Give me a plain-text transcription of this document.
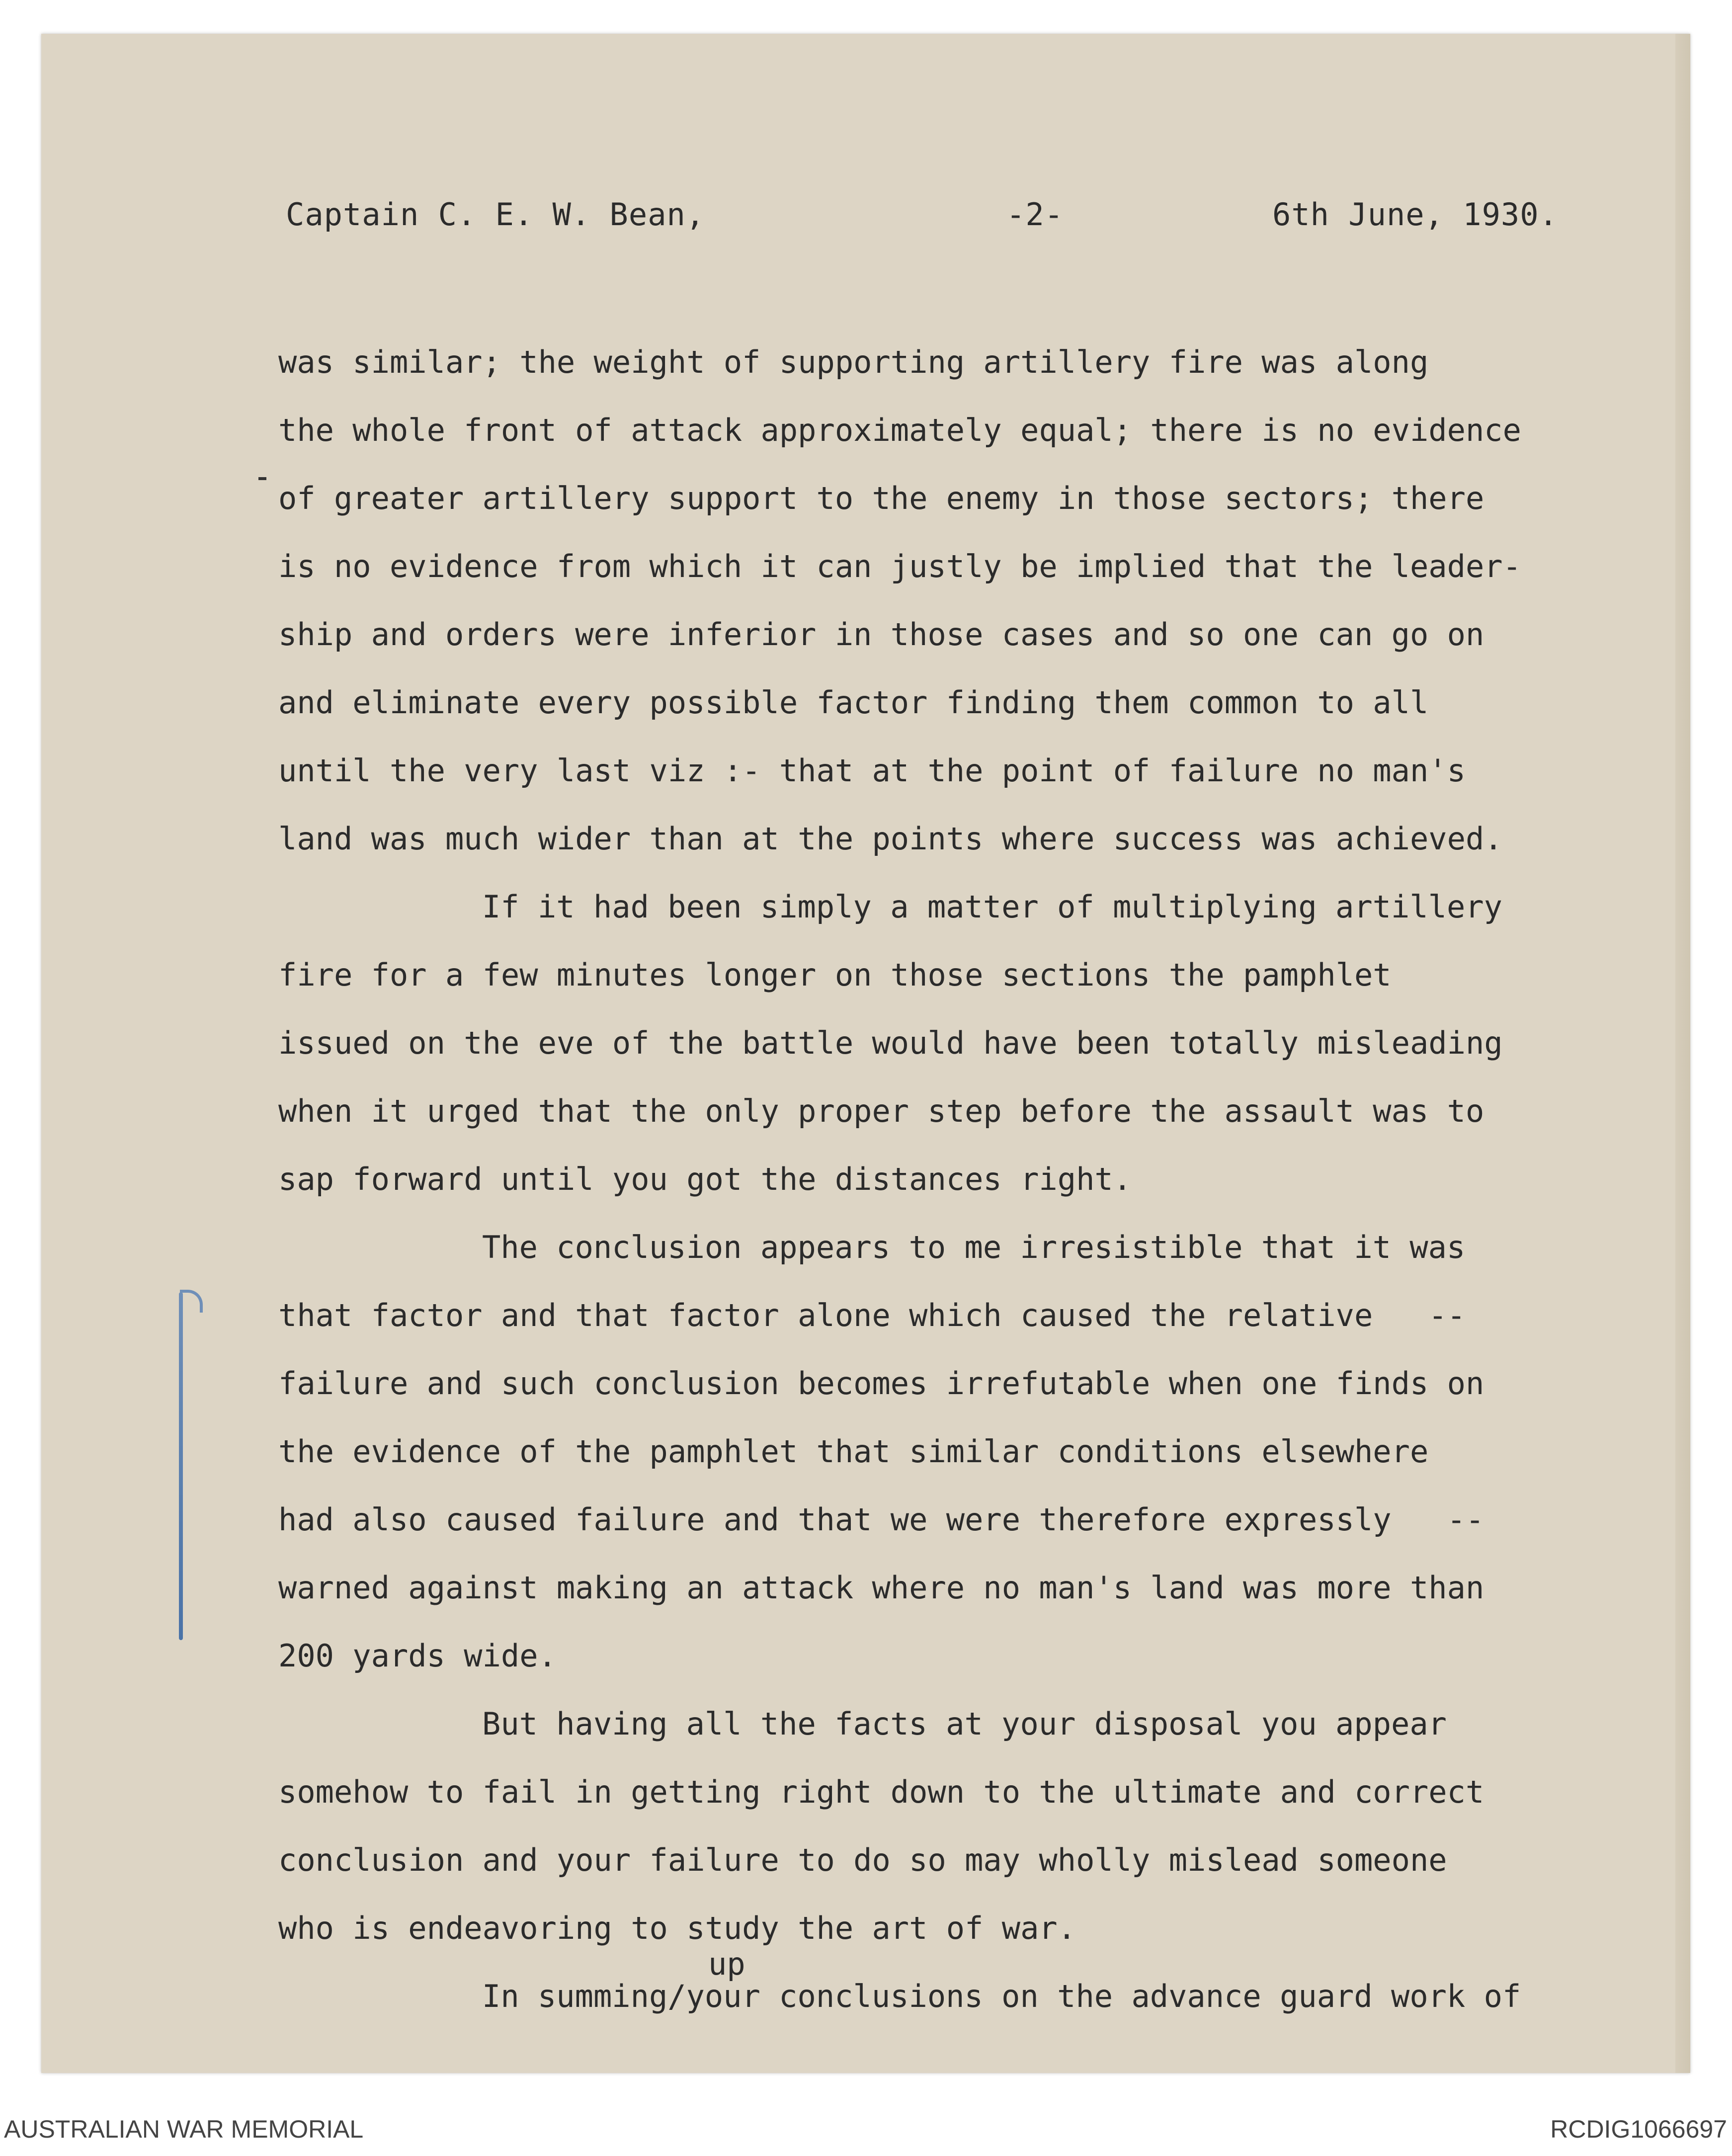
Captain C. E. W. Bean,	-2-	6th June, 1930.
was similar; the weight of supporting artillery fire was along
the whole front of attack approximately equal; there is no evidence
of greater artillery support to the enemy in those sectors; there
is no evidence from which it can justly be implied that the leader-
ship and orders were inferior in those cases and so one can go on
and eliminate every possible factor finding them common to all
until the very last viz :- that at the point of failure no man's
land was much wider than at the points where success was achieved.
If it had been simply a matter of multiplying artillery
fire for a few minutes longer on those sections the pamphlet
issued on the eve of the battle would have been totally misleading
when it urged that the only proper step before the assault was to
sap forward until you got the distances right.
The conclusion appears to me irresistible that it was
that factor and that factor alone which caused the relative   --
failure and such conclusion becomes irrefutable when one finds on
the evidence of the pamphlet that similar conditions elsewhere
had also caused failure and that we were therefore expressly   --
warned against making an attack where no man's land was more than
200 yards wide.
But having all the facts at your disposal you appear
somehow to fail in getting right down to the ultimate and correct
conclusion and your failure to do so may wholly mislead someone
who is endeavoring to study the art of war.
In summing/your conclusions on the advance guard work of
up
AUSTRALIAN WAR MEMORIAL	RCDIG1066697
